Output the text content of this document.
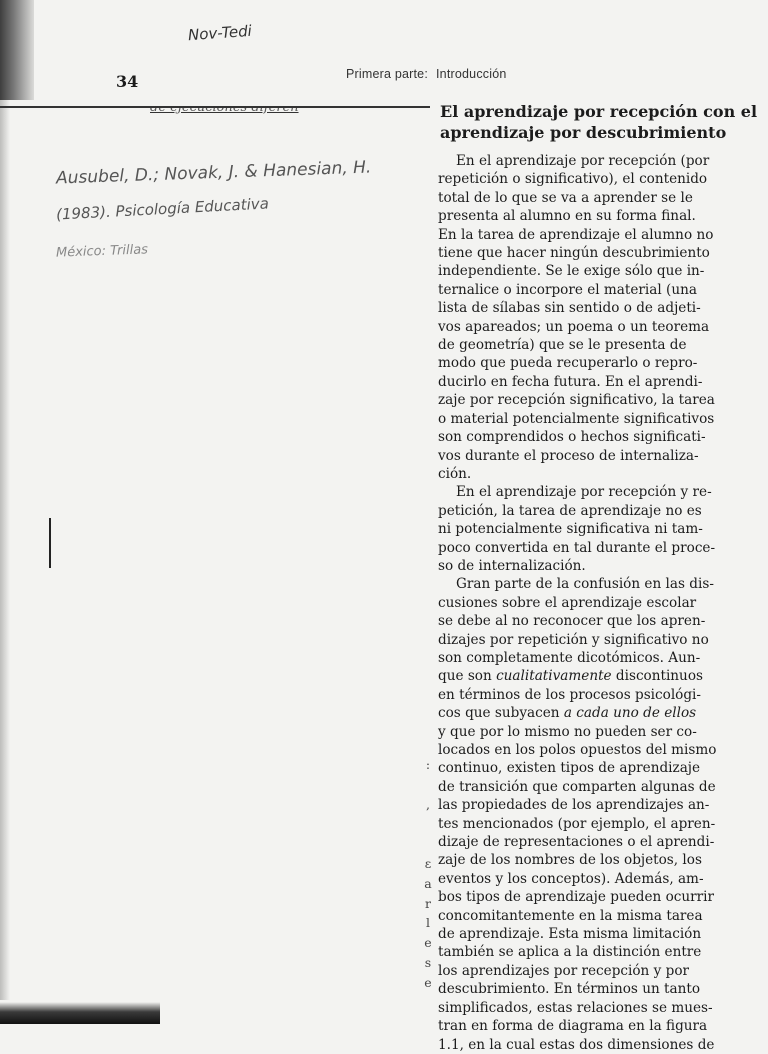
Nov-Tedi
34	Primera parte: Introducción
Ausubel, D.; Novak, J. & Hanesian, H.
(1983). Psicología Educativa
México: Trillas
:

,

ɛ
a
r
l
e
s
e
El aprendizaje por recepción con el
aprendizaje por descubrimiento

En el aprendizaje por recepción (por
repetición o significativo), el contenido
total de lo que se va a aprender se le
presenta al alumno en su forma final.
En la tarea de aprendizaje el alumno no
tiene que hacer ningún descubrimiento
independiente. Se le exige sólo que in-
ternalice o incorpore el material (una
lista de sílabas sin sentido o de adjeti-
vos apareados; un poema o un teorema
de geometría) que se le presenta de
modo que pueda recuperarlo o repro-
ducirlo en fecha futura. En el aprendi-
zaje por recepción significativo, la tarea
o material potencialmente significativos
son comprendidos o hechos significati-
vos durante el proceso de internaliza-
ción.

En el aprendizaje por recepción y re-
petición, la tarea de aprendizaje no es
ni potencialmente significativa ni tam-
poco convertida en tal durante el proce-
so de internalización.

Gran parte de la confusión en las dis-
cusiones sobre el aprendizaje escolar
se debe al no reconocer que los apren-
dizajes por repetición y significativo no
son completamente dicotómicos. Aun-
que son cualitativamente discontinuos
en términos de los procesos psicológi-
cos que subyacen a cada uno de ellos
y que por lo mismo no pueden ser co-
locados en los polos opuestos del mismo
continuo, existen tipos de aprendizaje
de transición que comparten algunas de
las propiedades de los aprendizajes an-
tes mencionados (por ejemplo, el apren-
dizaje de representaciones o el aprendi-
zaje de los nombres de los objetos, los
eventos y los conceptos). Además, am-
bos tipos de aprendizaje pueden ocurrir
concomitantemente en la misma tarea
de aprendizaje. Esta misma limitación
también se aplica a la distinción entre
los aprendizajes por recepción y por
descubrimiento. En términos un tanto
simplificados, estas relaciones se mues-
tran en forma de diagrama en la figura
1.1, en la cual estas dos dimensiones de
